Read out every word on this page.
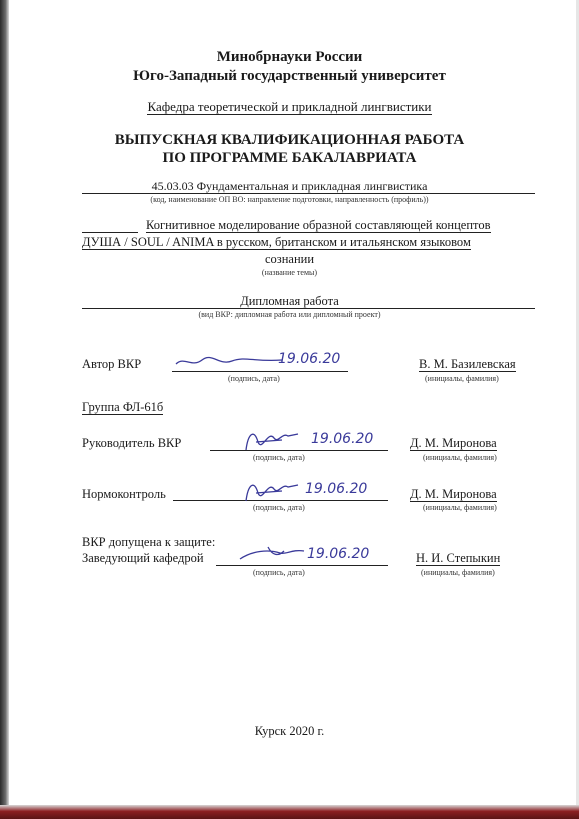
Минобрнауки России
Юго-Западный государственный университет
Кафедра теоретической и прикладной лингвистики
ВЫПУСКНАЯ КВАЛИФИКАЦИОННАЯ РАБОТА
ПО ПРОГРАММЕ БАКАЛАВРИАТА
45.03.03 Фундаментальная и прикладная лингвистика
(код, наименование ОП ВО: направление подготовки, направленность (профиль))
Когнитивное моделирование образной составляющей концептов
ДУША / SOUL / ANIMA в русском, британском и итальянском языковом
сознании
(название темы)
Дипломная работа
(вид ВКР: дипломная работа или дипломный проект)
Автор ВКР	19.06.20
(подпись, дата)
В. М. Базилевская
(инициалы, фамилия)
Группа ФЛ-61б
Руководитель ВКР	19.06.20
(подпись, дата)
Д. М. Миронова
(инициалы, фамилия)
Нормоконтроль	19.06.20
(подпись, дата)
Д. М. Миронова
(инициалы, фамилия)
ВКР допущена к защите:
Заведующий кафедрой	19.06.20
(подпись, дата)
Н. И. Степыкин
(инициалы, фамилия)
Курск 2020 г.
